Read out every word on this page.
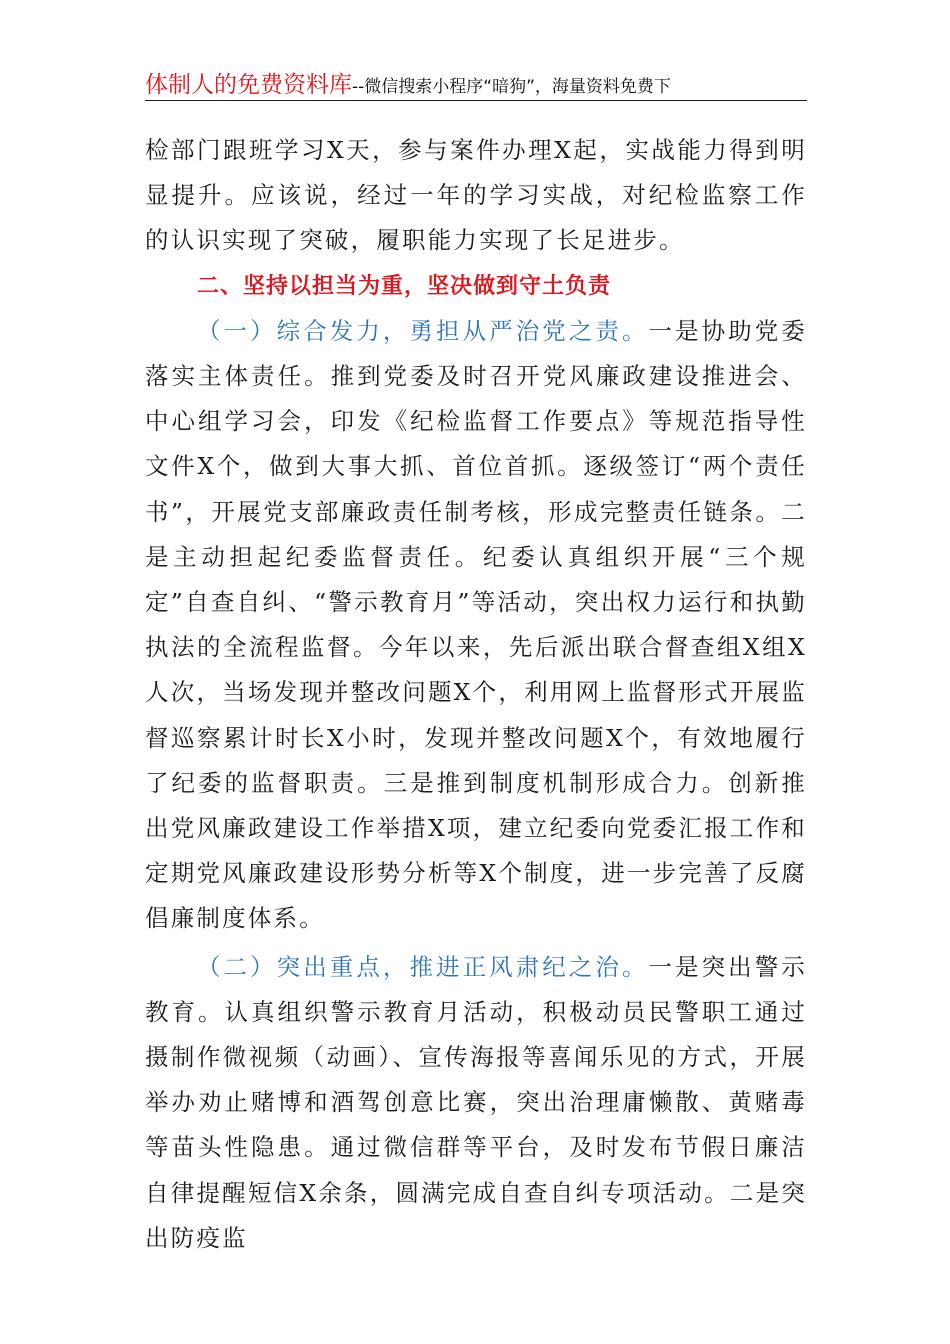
体制人的免费资料库--微信搜索小程序“暗狗”，海量资料免费下

检部门跟班学习X天，参与案件办理X起，实战能力得到明显提升。应该说，经过一年的学习实战，对纪检监察工作的认识实现了突破，履职能力实现了长足进步。

二、坚持以担当为重，坚决做到守土负责

（一）综合发力，勇担从严治党之责。一是协助党委落实主体责任。推到党委及时召开党风廉政建设推进会、中心组学习会，印发《纪检监督工作要点》等规范指导性文件X个，做到大事大抓、首位首抓。逐级签订“两个责任书”，开展党支部廉政责任制考核，形成完整责任链条。二是主动担起纪委监督责任。纪委认真组织开展“三个规定”自查自纠、“警示教育月”等活动，突出权力运行和执勤执法的全流程监督。今年以来，先后派出联合督查组X组X人次，当场发现并整改问题X个，利用网上监督形式开展监督巡察累计时长X小时，发现并整改问题X个，有效地履行了纪委的监督职责。三是推到制度机制形成合力。创新推出党风廉政建设工作举措X项，建立纪委向党委汇报工作和定期党风廉政建设形势分析等X个制度，进一步完善了反腐倡廉制度体系。

（二）突出重点，推进正风肃纪之治。一是突出警示教育。认真组织警示教育月活动，积极动员民警职工通过摄制作微视频（动画）、宣传海报等喜闻乐见的方式，开展举办劝止赌博和酒驾创意比赛，突出治理庸懒散、黄赌毒等苗头性隐患。通过微信群等平台，及时发布节假日廉洁自律提醒短信X余条，圆满完成自查自纠专项活动。二是突出防疫监
